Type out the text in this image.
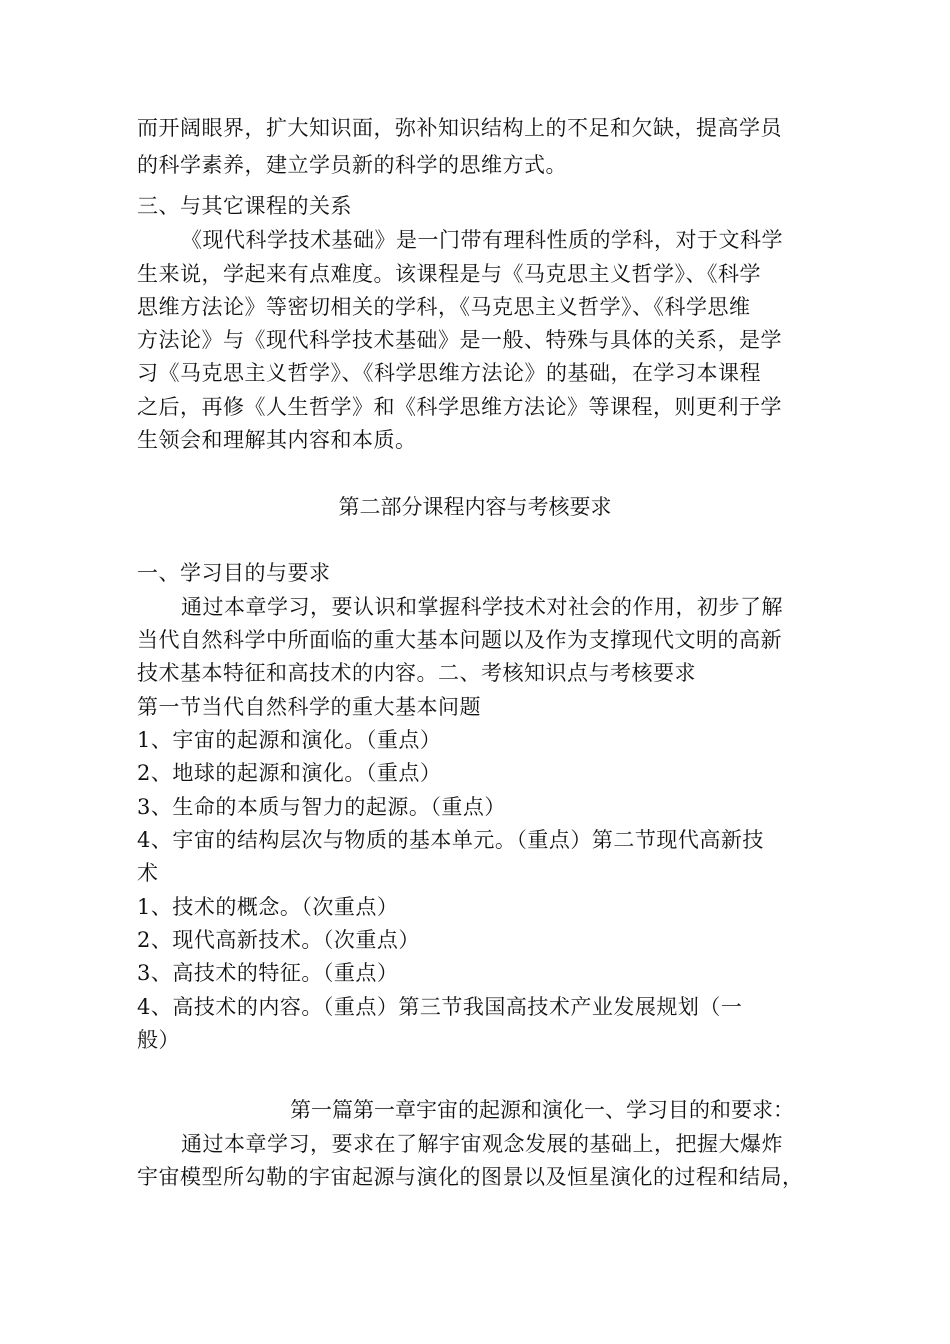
而开阔眼界，扩大知识面，弥补知识结构上的不足和欠缺，提高学员
的科学素养，建立学员新的科学的思维方式。
三、与其它课程的关系
《现代科学技术基础》是一门带有理科性质的学科，对于文科学
生来说，学起来有点难度。该课程是与《马克思主义哲学》、《科学
思维方法论》等密切相关的学科，《马克思主义哲学》、《科学思维
方法论》与《现代科学技术基础》是一般、特殊与具体的关系，是学
习《马克思主义哲学》、《科学思维方法论》的基础，在学习本课程
之后，再修《人生哲学》和《科学思维方法论》等课程，则更利于学
生领会和理解其内容和本质。
第二部分课程内容与考核要求
一、学习目的与要求
通过本章学习，要认识和掌握科学技术对社会的作用，初步了解
当代自然科学中所面临的重大基本问题以及作为支撑现代文明的高新
技术基本特征和高技术的内容。二、考核知识点与考核要求
第一节当代自然科学的重大基本问题
1、宇宙的起源和演化。（重点）
2、地球的起源和演化。（重点）
3、生命的本质与智力的起源。（重点）
4、宇宙的结构层次与物质的基本单元。（重点）第二节现代高新技
术
1、技术的概念。（次重点）
2、现代高新技术。（次重点）
3、高技术的特征。（重点）
4、高技术的内容。（重点）第三节我国高技术产业发展规划（一
般）
第一篇第一章宇宙的起源和演化一、学习目的和要求：
通过本章学习，要求在了解宇宙观念发展的基础上，把握大爆炸
宇宙模型所勾勒的宇宙起源与演化的图景以及恒星演化的过程和结局，
